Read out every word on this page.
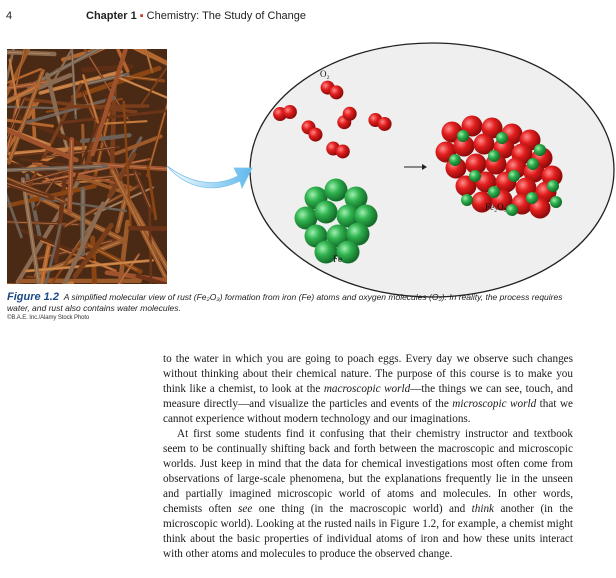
4	Chapter 1 ▪ Chemistry: The Study of Change
O₂
Fe
Fe₂O₃
Figure 1.2 A simplified molecular view of rust (Fe₂O₃) formation from iron (Fe) atoms and oxygen molecules (O₂). In reality, the process requires water, and rust also contains water molecules.
©B.A.E. Inc./Alamy Stock Photo

to the water in which you are going to poach eggs. Every day we observe such changes without thinking about their chemical nature. The purpose of this course is to make you think like a chemist, to look at the macroscopic world—the things we can see, touch, and measure directly—and visualize the particles and events of the microscopic world that we cannot experience without modern technology and our imaginations.

At first some students find it confusing that their chemistry instructor and textbook seem to be continually shifting back and forth between the macroscopic and microscopic worlds. Just keep in mind that the data for chemical investigations most often come from observations of large-scale phenomena, but the explanations frequently lie in the unseen and partially imagined microscopic world of atoms and molecules. In other words, chemists often see one thing (in the macroscopic world) and think another (in the microscopic world). Looking at the rusted nails in Figure 1.2, for example, a chemist might think about the basic properties of individual atoms of iron and how these units interact with other atoms and molecules to produce the observed change.
